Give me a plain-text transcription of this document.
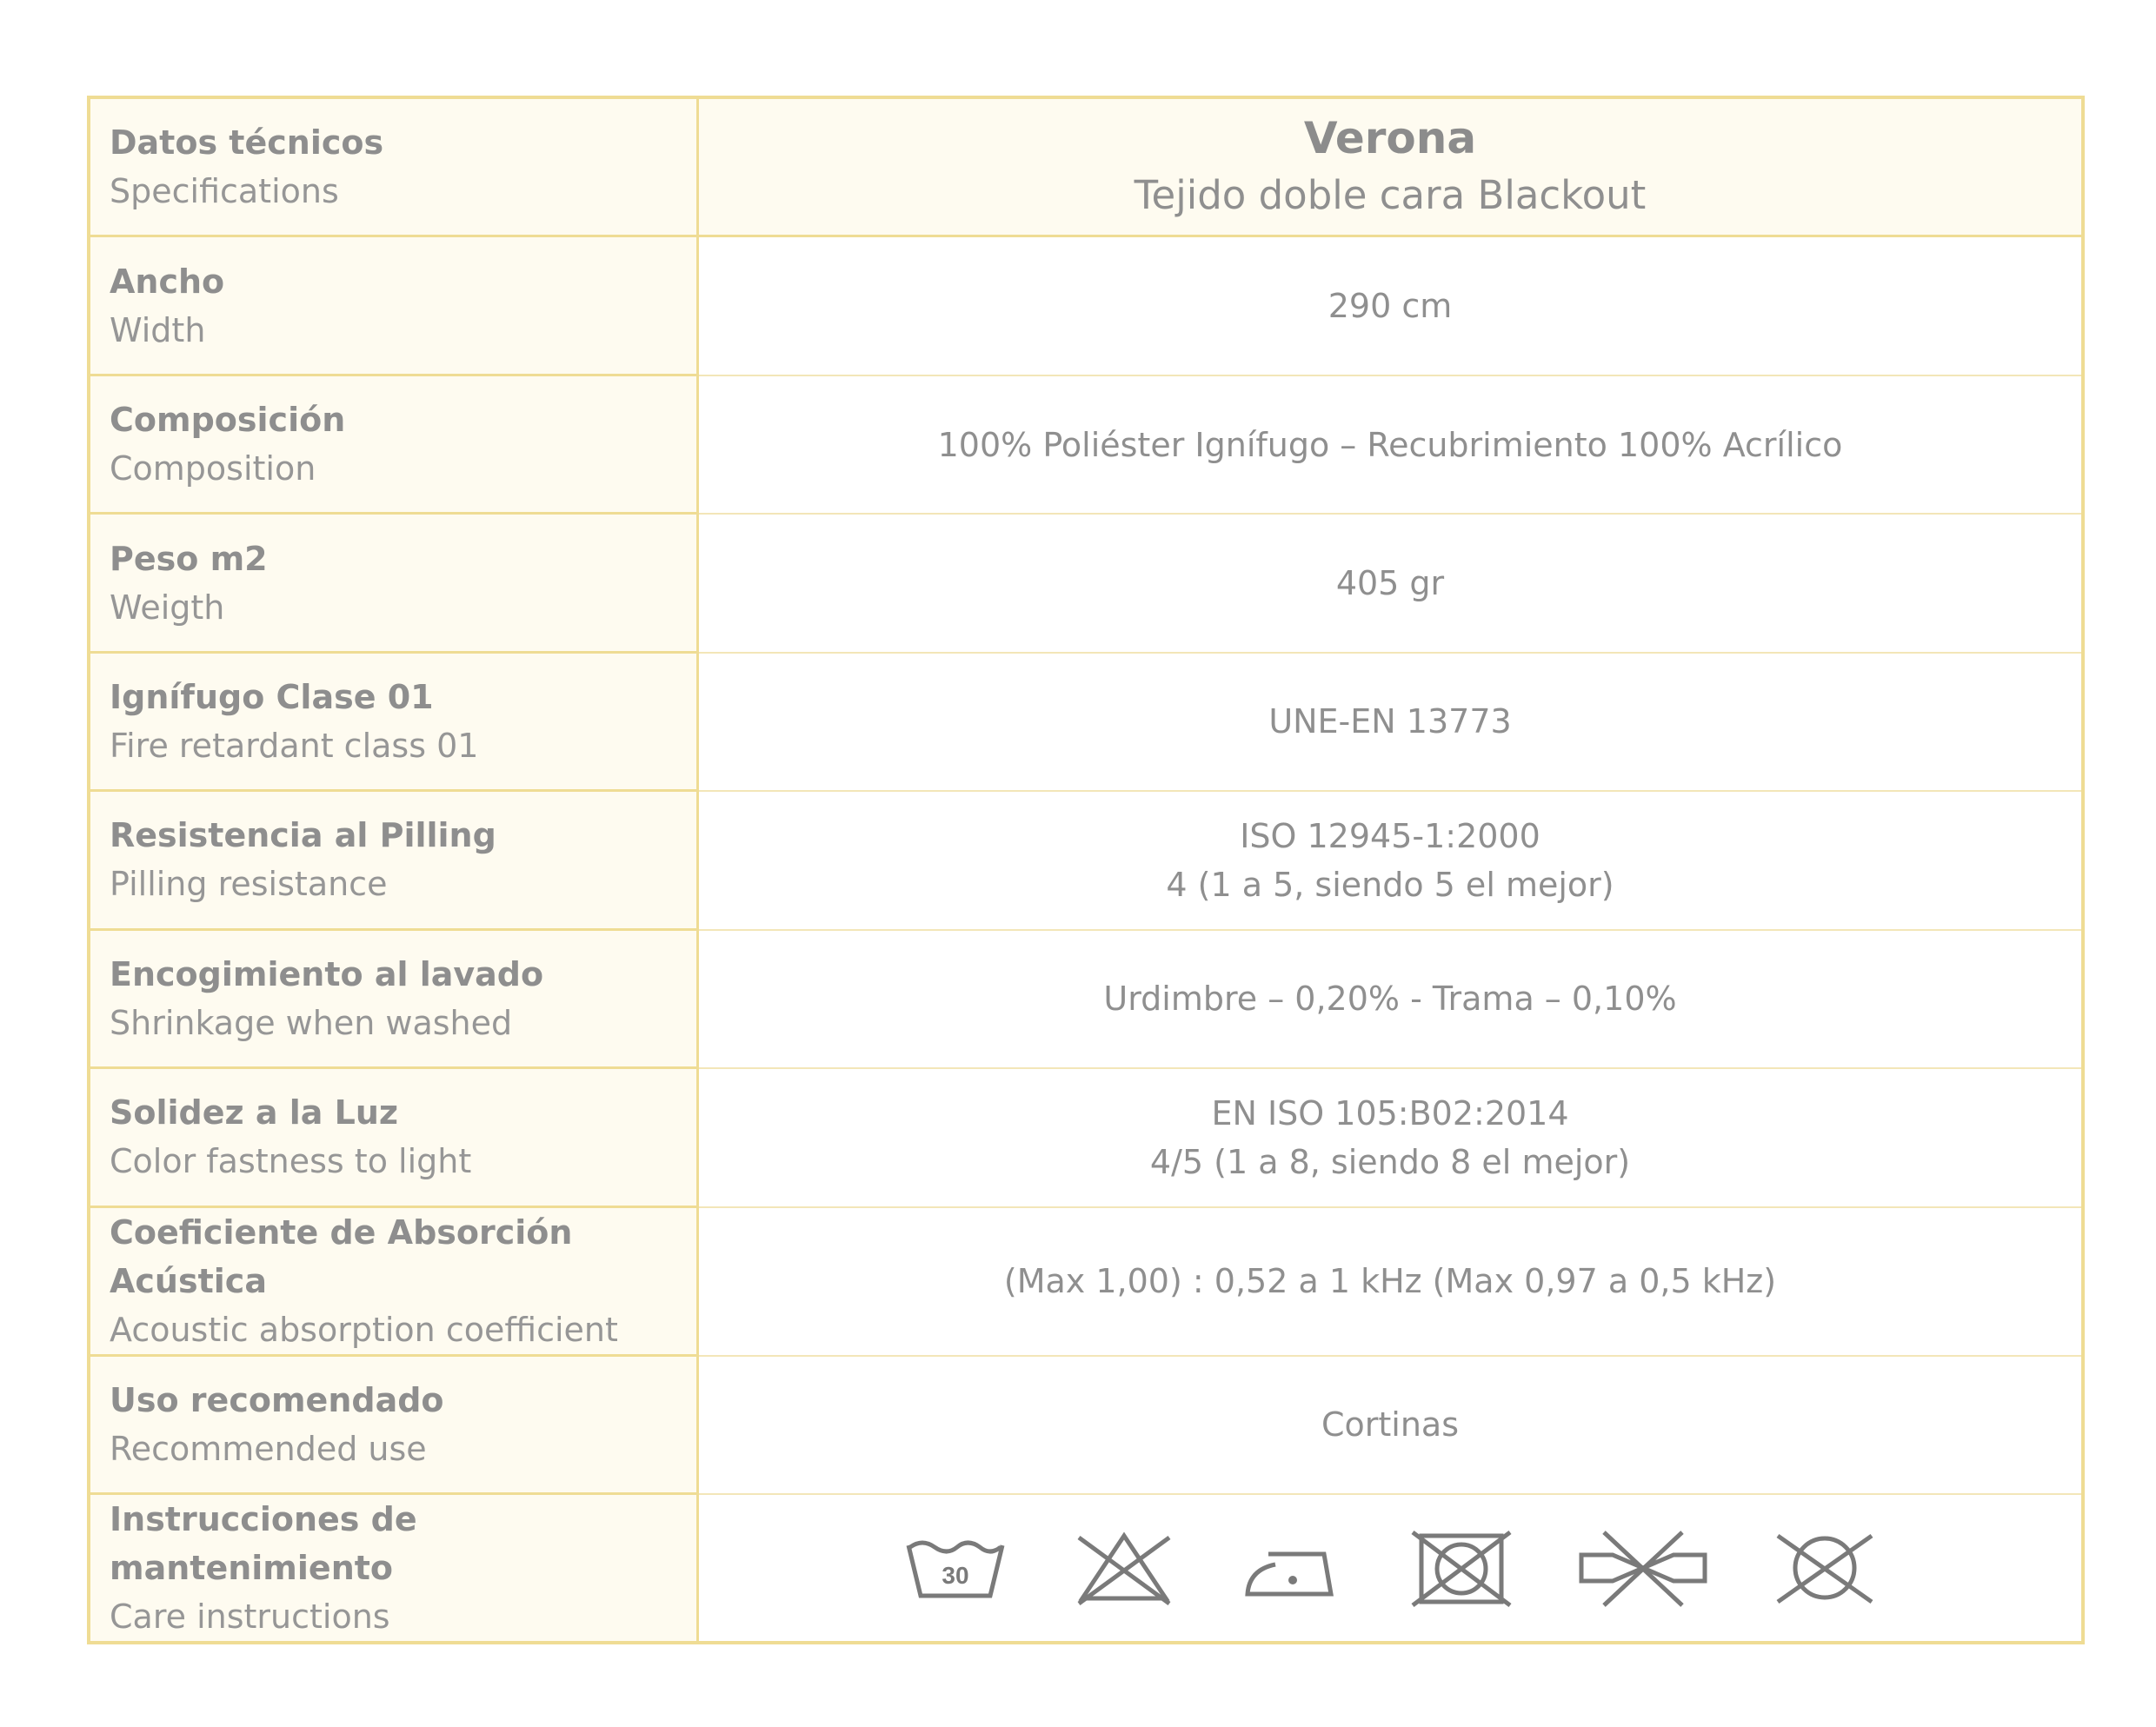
Datos técnicos
Specifications
Verona
Tejido doble cara Blackout
Ancho
Width
290 cm
Composición
Composition
100% Poliéster Ignífugo – Recubrimiento 100% Acrílico
Peso m2
Weigth
405 gr
Ignífugo Clase 01
Fire retardant class 01
UNE-EN 13773
Resistencia al Pilling
Pilling resistance
ISO 12945-1:2000
4 (1 a 5, siendo 5 el mejor)
Encogimiento al lavado
Shrinkage when washed
Urdimbre – 0,20% - Trama – 0,10%
Solidez a la Luz
Color fastness to light
EN ISO 105:B02:2014
4/5 (1 a 8, siendo 8 el mejor)
Coeficiente de Absorción Acústica
Acoustic absorption coefficient
(Max 1,00) : 0,52 a 1 kHz (Max 0,97 a 0,5 kHz)
Uso recomendado
Recommended use
Cortinas
Instrucciones de mantenimiento
Care instructions
30
